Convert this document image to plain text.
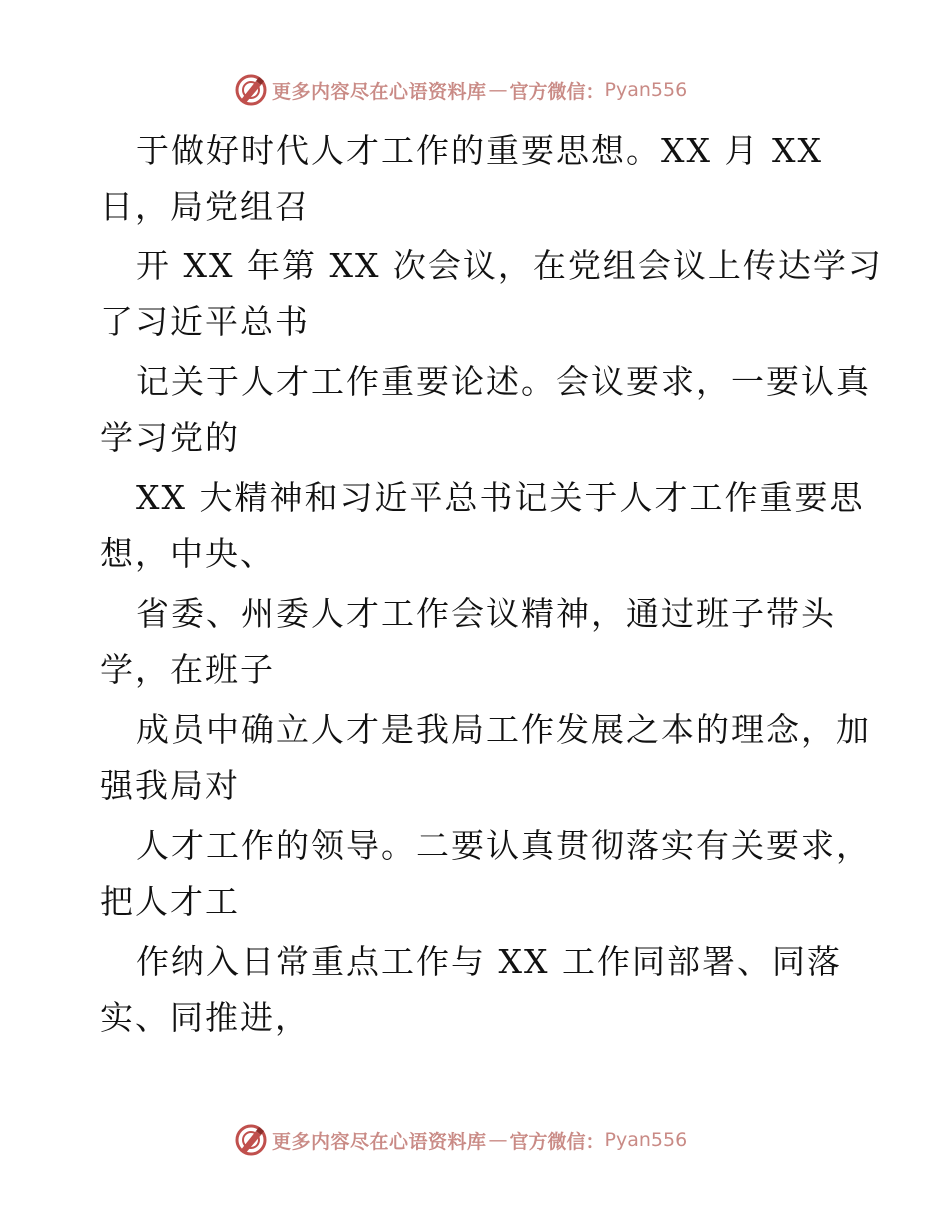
更多内容尽在心语资料库 — 官方微信： Pyan556
于做好时代人才工作的重要思想。XX 月 XX
日，局党组召
开 XX 年第 XX 次会议，在党组会议上传达学习
了习近平总书
记关于人才工作重要论述。会议要求，一要认真
学习党的
XX 大精神和习近平总书记关于人才工作重要思
想，中央、
省委、州委人才工作会议精神，通过班子带头
学，在班子
成员中确立人才是我局工作发展之本的理念，加
强我局对
人才工作的领导。二要认真贯彻落实有关要求，
把人才工
作纳入日常重点工作与 XX 工作同部署、同落
实、同推进，
更多内容尽在心语资料库 — 官方微信： Pyan556
